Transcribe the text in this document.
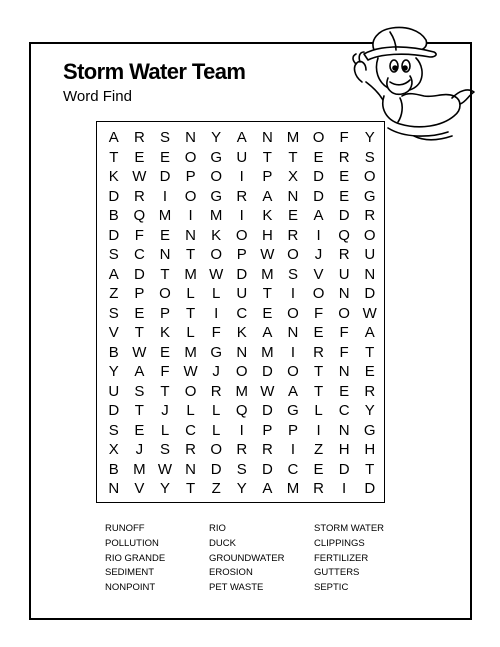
Storm Water Team
Word Find
A	R	S	N	Y	A	N M O	F	Y
T	E	E O G U	T	T	E	R	S
K W D	P O	I	P	X	D	E O
D R	I	O G R	A	N D	E G
B Q M	I	M	I	K	E	A	D R
D	F	E	N	K O H R	I	Q O
S	C N	T	O P W O	J	R U
A	D	T M W D M S	V	U N
Z	P O	L	L	U	T	I	O N D
S	E	P	T	I	C	E O	F	O W
V	T	K	L	F	K	A	N	E	F	A
B W E M G N M	I	R	F	T
Y	A	F W J	O D O	T	N	E
U	S	T	O R M W A	T	E	R
D	T	J	L	L	Q D G	L	C	Y
S	E	L	C	L	I	P	P	I	N G
X	J	S	R O R R	I	Z	H H
B M W N D	S	D C	E	D	T
N	V	Y	T	Z	Y	A M R	I	D
RUNOFF	RIO	STORM WATER
POLLUTION	DUCK	CLIPPINGS
RIO GRANDE	GROUNDWATER	FERTILIZER
SEDIMENT	EROSION	GUTTERS
NONPOINT	PET WASTE	SEPTIC
